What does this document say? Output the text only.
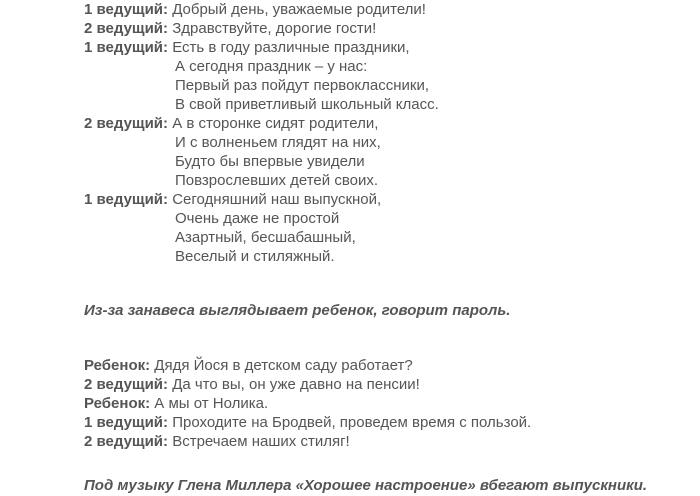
1 ведущий: Добрый день, уважаемые родители!
2 ведущий: Здравствуйте, дорогие гости!
1 ведущий: Есть в году различные праздники,
А сегодня праздник – у нас:
Первый раз пойдут первоклассники,
В свой приветливый школьный класс.
2 ведущий: А в сторонке сидят родители,
И с волненьем глядят на них,
Будто бы впервые увидели
Повзрослевших детей своих.
1 ведущий: Сегодняшний наш выпускной,
Очень даже не простой
Азартный, бесшабашный,
Веселый и стиляжный.
Из-за занавеса выглядывает ребенок, говорит пароль.
Ребенок: Дядя Йося в детском саду работает?
2 ведущий: Да что вы, он уже давно на пенсии!
Ребенок: А мы от Нолика.
1 ведущий: Проходите на Бродвей, проведем время с пользой.
2 ведущий: Встречаем наших стиляг!
Под музыку Глена Миллера «Хорошее настроение» вбегают выпускники.
